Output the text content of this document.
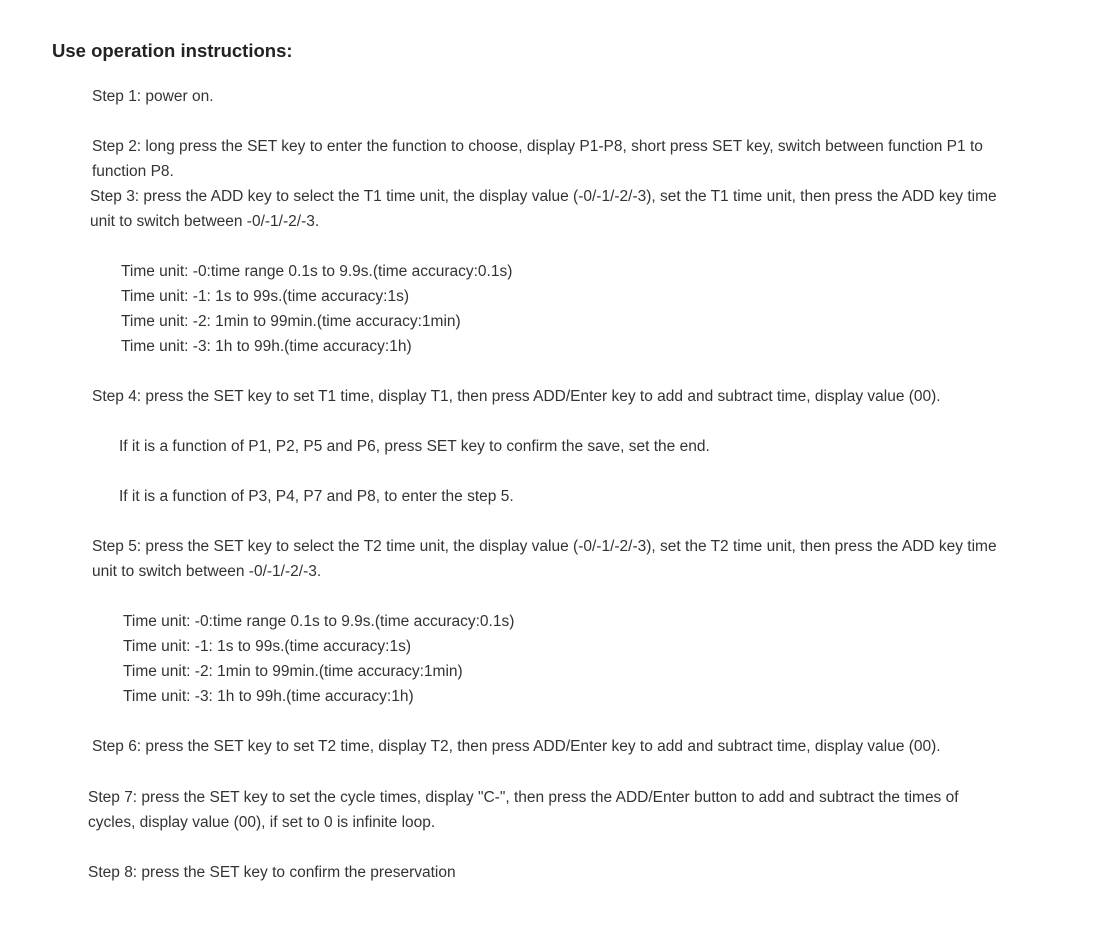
Use operation instructions:
Step 1: power on.
Step 2: long press the SET key to enter the function to choose, display P1-P8, short press SET key, switch between function P1 to
function P8.
Step 3: press the ADD key to select the T1 time unit, the display value (-0/-1/-2/-3), set the T1 time unit, then press the ADD key time
unit to switch between -0/-1/-2/-3.
Time unit: -0:time range 0.1s to 9.9s.(time accuracy:0.1s)
Time unit: -1: 1s to 99s.(time accuracy:1s)
Time unit: -2: 1min to 99min.(time accuracy:1min)
Time unit: -3: 1h to 99h.(time accuracy:1h)
Step 4: press the SET key to set T1 time, display T1, then press ADD/Enter key to add and subtract time, display value (00).
If it is a function of P1, P2, P5 and P6, press SET key to confirm the save, set the end.
If it is a function of P3, P4, P7 and P8, to enter the step 5.
Step 5: press the SET key to select the T2 time unit, the display value (-0/-1/-2/-3), set the T2 time unit, then press the ADD key time
unit to switch between -0/-1/-2/-3.
Time unit: -0:time range 0.1s to 9.9s.(time accuracy:0.1s)
Time unit: -1: 1s to 99s.(time accuracy:1s)
Time unit: -2: 1min to 99min.(time accuracy:1min)
Time unit: -3: 1h to 99h.(time accuracy:1h)
Step 6: press the SET key to set T2 time, display T2, then press ADD/Enter key to add and subtract time, display value (00).
Step 7: press the SET key to set the cycle times, display "C-", then press the ADD/Enter button to add and subtract the times of
cycles, display value (00), if set to 0 is infinite loop.
Step 8: press the SET key to confirm the preservation
